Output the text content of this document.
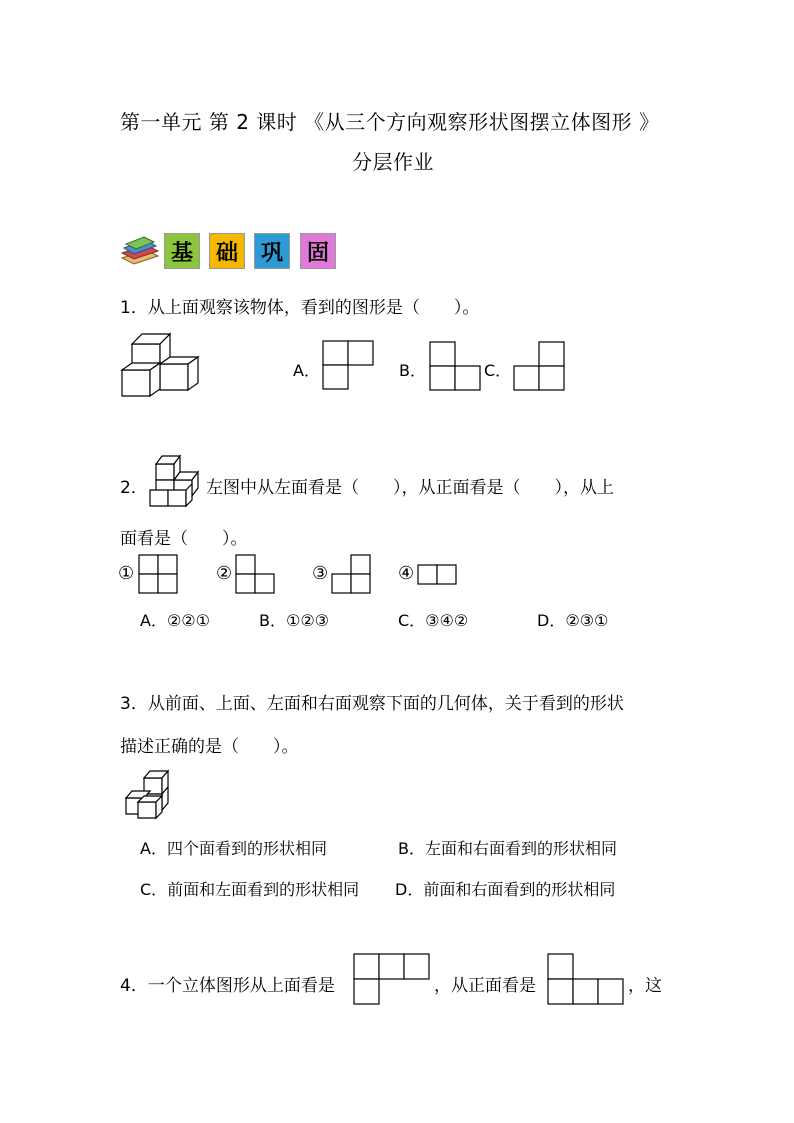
第一单元 第 2 课时 《从三个方向观察形状图摆立体图形 》
分层作业
基	础	巩	固
1．从上面观察该物体，看到的图形是（　　）。
A．	B．	C．
2．	左图中从左面看是（　　），从正面看是（　　），从上
面看是（　　）。
①	②	③	④
A．②②①	B．①②③	C．③④②	D．②③①
3．从前面、上面、左面和右面观察下面的几何体，关于看到的形状
描述正确的是（　　）。
A．四个面看到的形状相同	B．左面和右面看到的形状相同
C．前面和左面看到的形状相同 D．前面和右面看到的形状相同
4．一个立体图形从上面看是	，从正面看是	，这
